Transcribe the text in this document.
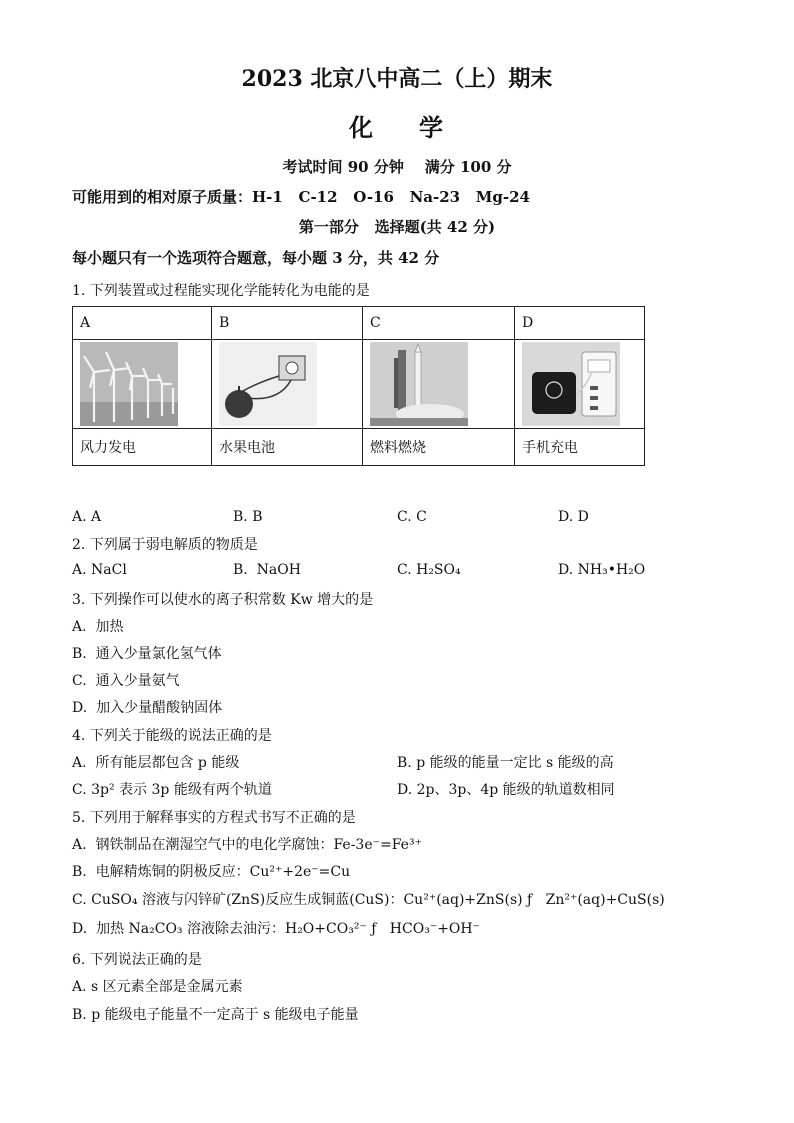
2023 北京八中高二（上）期末
化 学
考试时间 90 分钟    满分 100 分
可能用到的相对原子质量：H-1   C-12   O-16   Na-23   Mg-24
第一部分   选择题(共 42 分)
每小题只有一个选项符合题意，每小题 3 分，共 42 分
1. 下列装置或过程能实现化学能转化为电能的是
A	B	C	D

风力发电	水果电池	燃料燃烧	手机充电
A. A	B. B	C. C	D. D
2. 下列属于弱电解质的物质是
A. NaCl	B.  NaOH	C. H₂SO₄	D. NH₃•H₂O
3. 下列操作可以使水的离子积常数 Kw 增大的是
A.  加热
B.  通入少量氯化氢气体
C.  通入少量氨气
D.  加入少量醋酸钠固体
4. 下列关于能级的说法正确的是
A.  所有能层都包含 p 能级	B. p 能级的能量一定比 s 能级的高
C. 3p² 表示 3p 能级有两个轨道	D. 2p、3p、4p 能级的轨道数相同
5. 下列用于解释事实的方程式书写不正确的是
A.  钢铁制品在潮湿空气中的电化学腐蚀：Fe-3e⁻=Fe³⁺
B.  电解精炼铜的阴极反应：Cu²⁺+2e⁻=Cu
C. CuSO₄ 溶液与闪锌矿(ZnS)反应生成铜蓝(CuS)：Cu²⁺(aq)+ZnS(s) ƒ   Zn²⁺(aq)+CuS(s)
D.  加热 Na₂CO₃ 溶液除去油污：H₂O+CO₃²⁻ ƒ   HCO₃⁻+OH⁻
6. 下列说法正确的是
A. s 区元素全部是金属元素
B. p 能级电子能量不一定高于 s 能级电子能量
